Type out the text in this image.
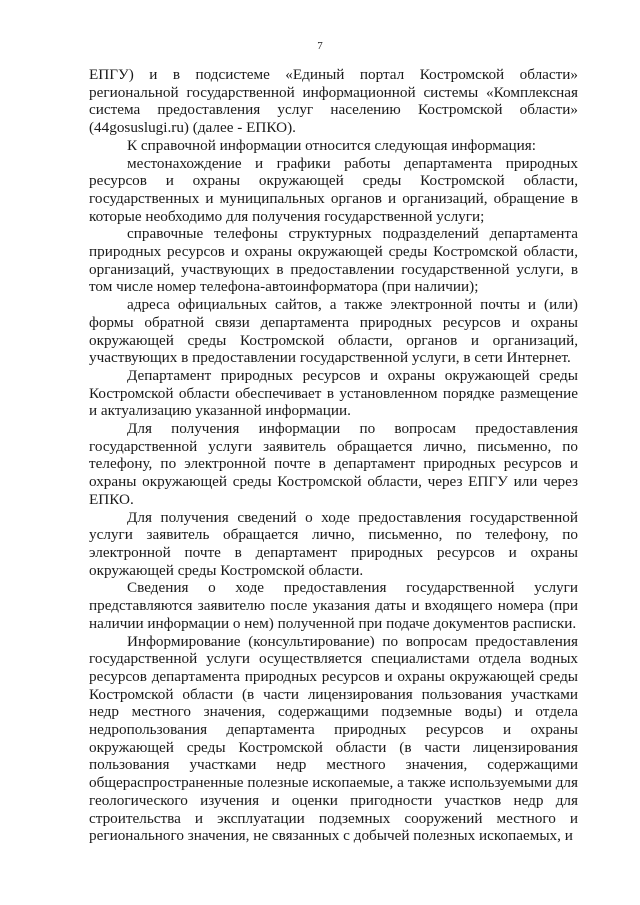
7

ЕПГУ) и в подсистеме «Единый портал Костромской области» региональной государственной информационной системы «Комплексная система предоставления услуг населению Костромской области» (44gosuslugi.ru) (далее - ЕПКО).

К справочной информации относится следующая информация:

местонахождение и графики работы департамента природных ресурсов и охраны окружающей среды Костромской области, государственных и муниципальных органов и организаций, обращение в которые необходимо для получения государственной услуги;

справочные телефоны структурных подразделений департамента природных ресурсов и охраны окружающей среды Костромской области, организаций, участвующих в предоставлении государственной услуги, в том числе номер телефона-автоинформатора (при наличии);

адреса официальных сайтов, а также электронной почты и (или) формы обратной связи департамента природных ресурсов и охраны окружающей среды Костромской области, органов и организаций, участвующих в предоставлении государственной услуги, в сети Интернет.

Департамент природных ресурсов и охраны окружающей среды Костромской области обеспечивает в установленном порядке размещение и актуализацию указанной информации.

Для получения информации по вопросам предоставления государственной услуги заявитель обращается лично, письменно, по телефону, по электронной почте в департамент природных ресурсов и охраны окружающей среды Костромской области, через ЕПГУ или через ЕПКО.

Для получения сведений о ходе предоставления государственной услуги заявитель обращается лично, письменно, по телефону, по электронной почте в департамент природных ресурсов и охраны окружающей среды Костромской области.

Сведения о ходе предоставления государственной услуги представляются заявителю после указания даты и входящего номера (при наличии информации о нем) полученной при подаче документов расписки.

Информирование (консультирование) по вопросам предоставления государственной услуги осуществляется специалистами отдела водных ресурсов департамента природных ресурсов и охраны окружающей среды Костромской области (в части лицензирования пользования участками недр местного значения, содержащими подземные воды) и отдела недропользования департамента природных ресурсов и охраны окружающей среды Костромской области (в части лицензирования пользования участками недр местного значения, содержащими общераспространенные полезные ископаемые, а также используемыми для геологического изучения и оценки пригодности участков недр для строительства и эксплуатации подземных сооружений местного и регионального значения, не связанных с добычей полезных ископаемых, и
